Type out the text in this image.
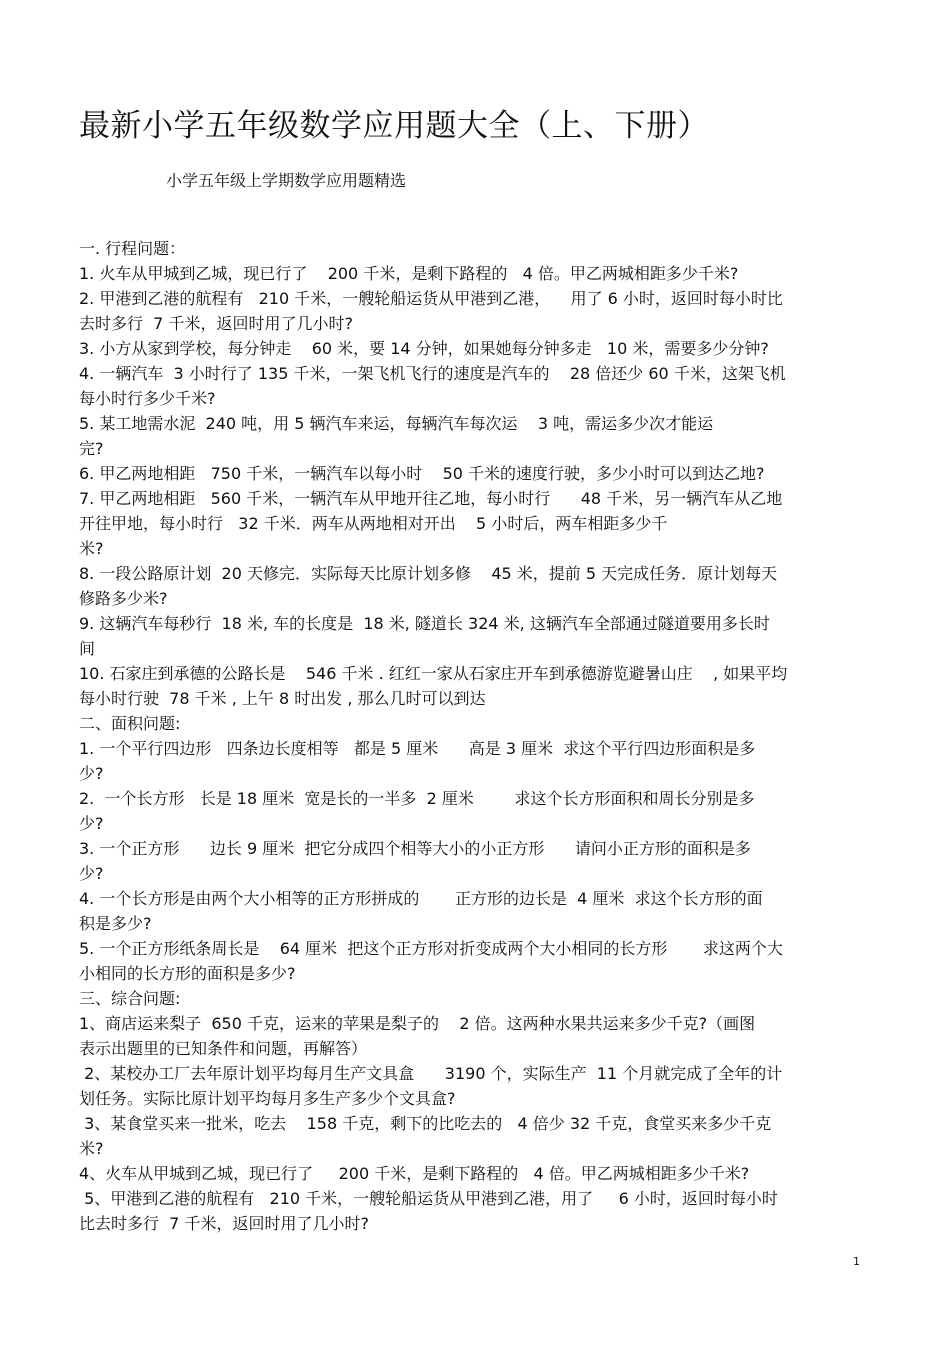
最新小学五年级数学应用题大全（上、下册）
小学五年级上学期数学应用题精选

一. 行程问题：

1. 火车从甲城到乙城，现已行了    200 千米，是剩下路程的   4 倍。甲乙两城相距多少千米?

2. 甲港到乙港的航程有   210 千米，一艘轮船运货从甲港到乙港，    用了 6 小时，返回时每小时比

去时多行  7 千米，返回时用了几小时?

3. 小方从家到学校，每分钟走    60 米，要 14 分钟，如果她每分钟多走   10 米，需要多少分钟?

4. 一辆汽车  3 小时行了 135 千米，一架飞机飞行的速度是汽车的    28 倍还少 60 千米，这架飞机

每小时行多少千米?

5. 某工地需水泥  240 吨，用 5 辆汽车来运，每辆汽车每次运    3 吨，需运多少次才能运

完?

6. 甲乙两地相距   750 千米，一辆汽车以每小时    50 千米的速度行驶，多少小时可以到达乙地?

7. 甲乙两地相距   560 千米，一辆汽车从甲地开往乙地，每小时行      48 千米，另一辆汽车从乙地

开往甲地，每小时行   32 千米．两车从两地相对开出    5 小时后，两车相距多少千

米?

8. 一段公路原计划  20 天修完．实际每天比原计划多修    45 米，提前 5 天完成任务．原计划每天

修路多少米?

9. 这辆汽车每秒行  18 米, 车的长度是  18 米, 隧道长 324 米, 这辆汽车全部通过隧道要用多长时

间

10. 石家庄到承德的公路长是    546 千米 . 红红一家从石家庄开车到承德游览避暑山庄    , 如果平均

每小时行驶  78 千米 , 上午 8 时出发 , 那么几时可以到达

二、面积问题:

1. 一个平行四边形   四条边长度相等   都是 5 厘米      高是 3 厘米  求这个平行四边形面积是多

少?

2.  一个长方形   长是 18 厘米  宽是长的一半多  2 厘米        求这个长方形面积和周长分别是多

少?

3. 一个正方形      边长 9 厘米  把它分成四个相等大小的小正方形      请问小正方形的面积是多

少?

4. 一个长方形是由两个大小相等的正方形拼成的       正方形的边长是  4 厘米  求这个长方形的面

积是多少?

5. 一个正方形纸条周长是    64 厘米  把这个正方形对折变成两个大小相同的长方形       求这两个大

小相同的长方形的面积是多少?

三、综合问题:

1、商店运来梨子  650 千克，运来的苹果是梨子的    2 倍。这两种水果共运来多少千克?（画图

表示出题里的已知条件和问题，再解答）

2、某校办工厂去年原计划平均每月生产文具盒      3190 个，实际生产  11 个月就完成了全年的计

划任务。实际比原计划平均每月多生产多少个文具盒?

3、某食堂买来一批米，吃去    158 千克，剩下的比吃去的   4 倍少 32 千克，食堂买来多少千克

米?

4、火车从甲城到乙城，现已行了     200 千米，是剩下路程的   4 倍。甲乙两城相距多少千米?

5、甲港到乙港的航程有   210 千米，一艘轮船运货从甲港到乙港，用了     6 小时，返回时每小时

比去时多行  7 千米，返回时用了几小时?

1
